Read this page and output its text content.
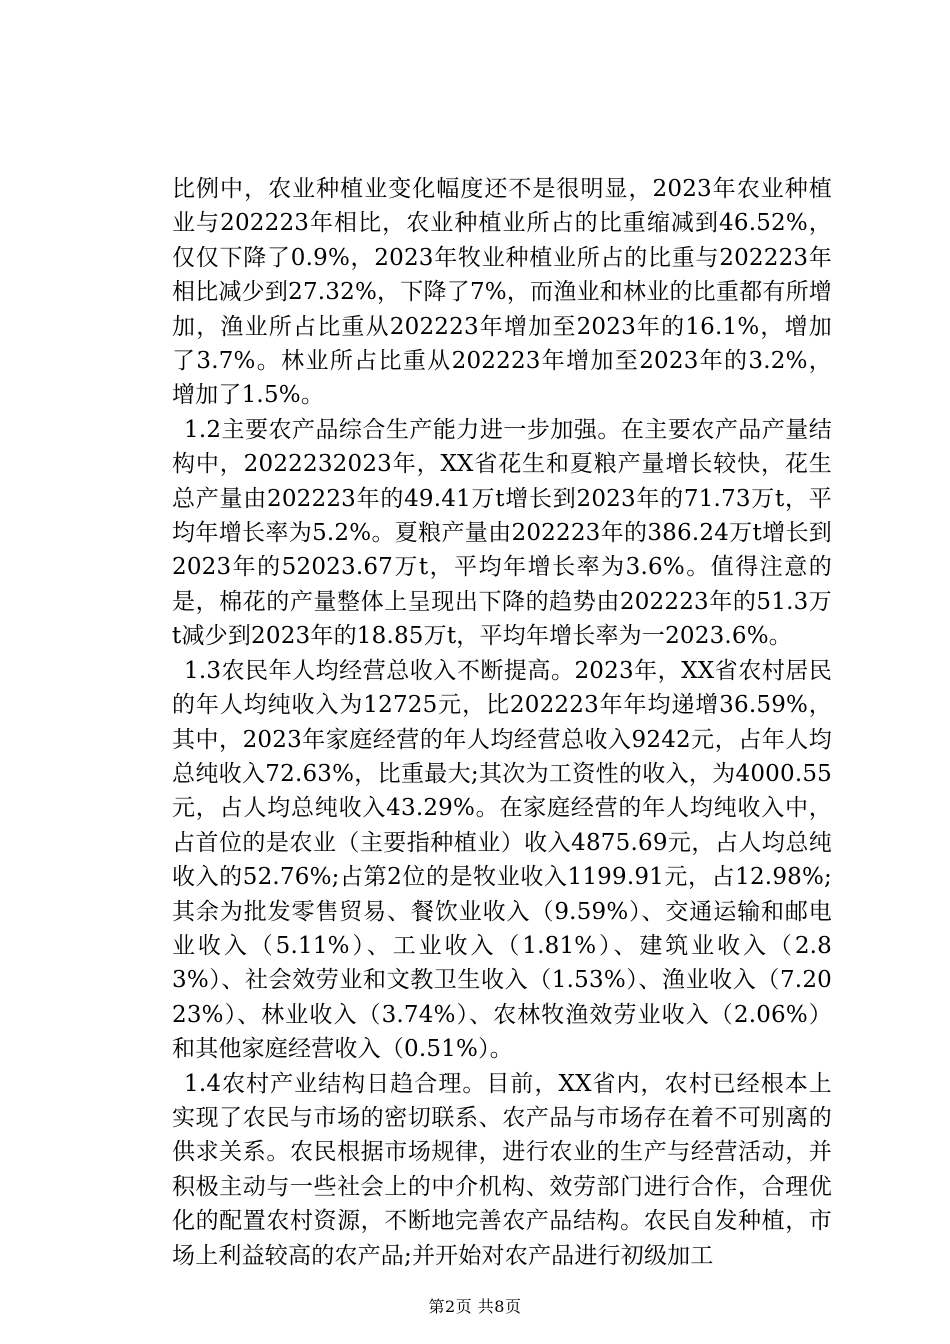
比例中，农业种植业变化幅度还不是很明显，2023年农业种植业与202223年相比，农业种植业所占的比重缩减到46.52%，仅仅下降了0.9%，2023年牧业种植业所占的比重与202223年相比减少到27.32%，下降了7%，而渔业和林业的比重都有所增加，渔业所占比重从202223年增加至2023年的16.1%，增加了3.7%。林业所占比重从202223年增加至2023年的3.2%，增加了1.5%。

1.2主要农产品综合生产能力进一步加强。在主要农产品产量结构中，2022232023年，XX省花生和夏粮产量增长较快，花生总产量由202223年的49.41万t增长到2023年的71.73万t，平均年增长率为5.2%。夏粮产量由202223年的386.24万t增长到2023年的52023.67万t，平均年增长率为3.6%。值得注意的是，棉花的产量整体上呈现出下降的趋势由202223年的51.3万t减少到2023年的18.85万t，平均年增长率为一2023.6%。

1.3农民年人均经营总收入不断提高。2023年，XX省农村居民的年人均纯收入为12725元，比202223年年均递增36.59%，其中，2023年家庭经营的年人均经营总收入9242元，占年人均总纯收入72.63%，比重最大;其次为工资性的收入，为4000.55元，占人均总纯收入43.29%。在家庭经营的年人均纯收入中，占首位的是农业（主要指种植业）收入4875.69元，占人均总纯收入的52.76%;占第2位的是牧业收入1199.91元，占12.98%;其余为批发零售贸易、餐饮业收入（9.59%）、交通运输和邮电业收入（5.11%）、工业收入（1.81%）、建筑业收入（2.83%）、社会效劳业和文教卫生收入（1.53%）、渔业收入（7.2023%）、林业收入（3.74%）、农林牧渔效劳业收入（2.06%）和其他家庭经营收入（0.51%）。

1.4农村产业结构日趋合理。目前，XX省内，农村已经根本上实现了农民与市场的密切联系、农产品与市场存在着不可别离的供求关系。农民根据市场规律，进行农业的生产与经营活动，并积极主动与一些社会上的中介机构、效劳部门进行合作，合理优化的配置农村资源，不断地完善农产品结构。农民自发种植，市场上利益较高的农产品;并开始对农产品进行初级加工

第2页 共8页
